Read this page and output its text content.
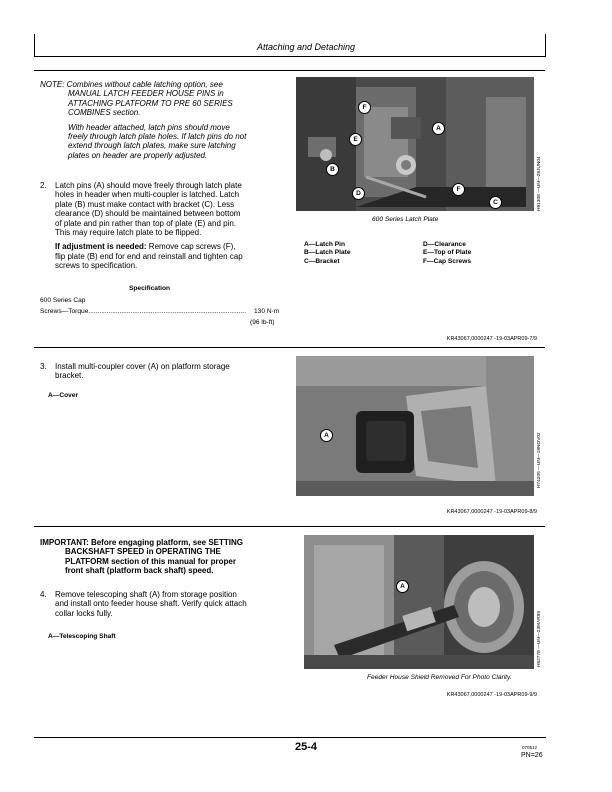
Attaching and Detaching
NOTE: Combines without cable latching option, see
MANUAL LATCH FEEDER HOUSE PINS in
ATTACHING PLATFORM TO PRE 60 SERIES
COMBINES section.
With header attached, latch pins should move
freely through latch plate holes. If latch pins do not
extend through latch plates, make sure latching
plates on header are properly adjusted.
2. Latch pins (A) should move freely through latch plate
holes in header when multi-coupler is latched. Latch
plate (B) must make contact with bracket (C). Less
clearance (D) should be maintained between bottom
of plate and pin rather than top of plate (E) and pin.
This may require latch plate to be flipped.
If adjustment is needed: Remove cap screws (F),
flip plate (B) end for end and reinstall and tighten cap
screws to specification.
Specification
600 Series Cap
Screws—Torque......................................................................................	130 N·m
(96 lb-ft)
F
E
A
B
D
F
C	H91308 —UN—28JUN04
600 Series Latch Plate
A—Latch Pin
B—Latch Plate
C—Bracket
D—Clearance
E—Top of Plate
F—Cap Screws
KR43067,0000247 -19-03APR09-7/9
3. Install multi-coupler cover (A) on platform storage
bracket.
A—Cover
A	H74205 —UN—18NOV02
KR43067,0000247 -19-03APR09-8/9
IMPORTANT: Before engaging platform, see SETTING
BACKSHAFT SPEED in OPERATING THE
PLATFORM section of this manual for proper
front shaft (platform back shaft) speed.
4. Remove telescoping shaft (A) from storage position
and install onto feeder house shaft. Verify quick attach
collar locks fully.
A—Telescoping Shaft
A
H52778 —UN—23MAR99
Feeder House Shield Removed For Photo Clarity.
KR43067,0000247 -19-03APR09-9/9
25-4	070512
PN=26
